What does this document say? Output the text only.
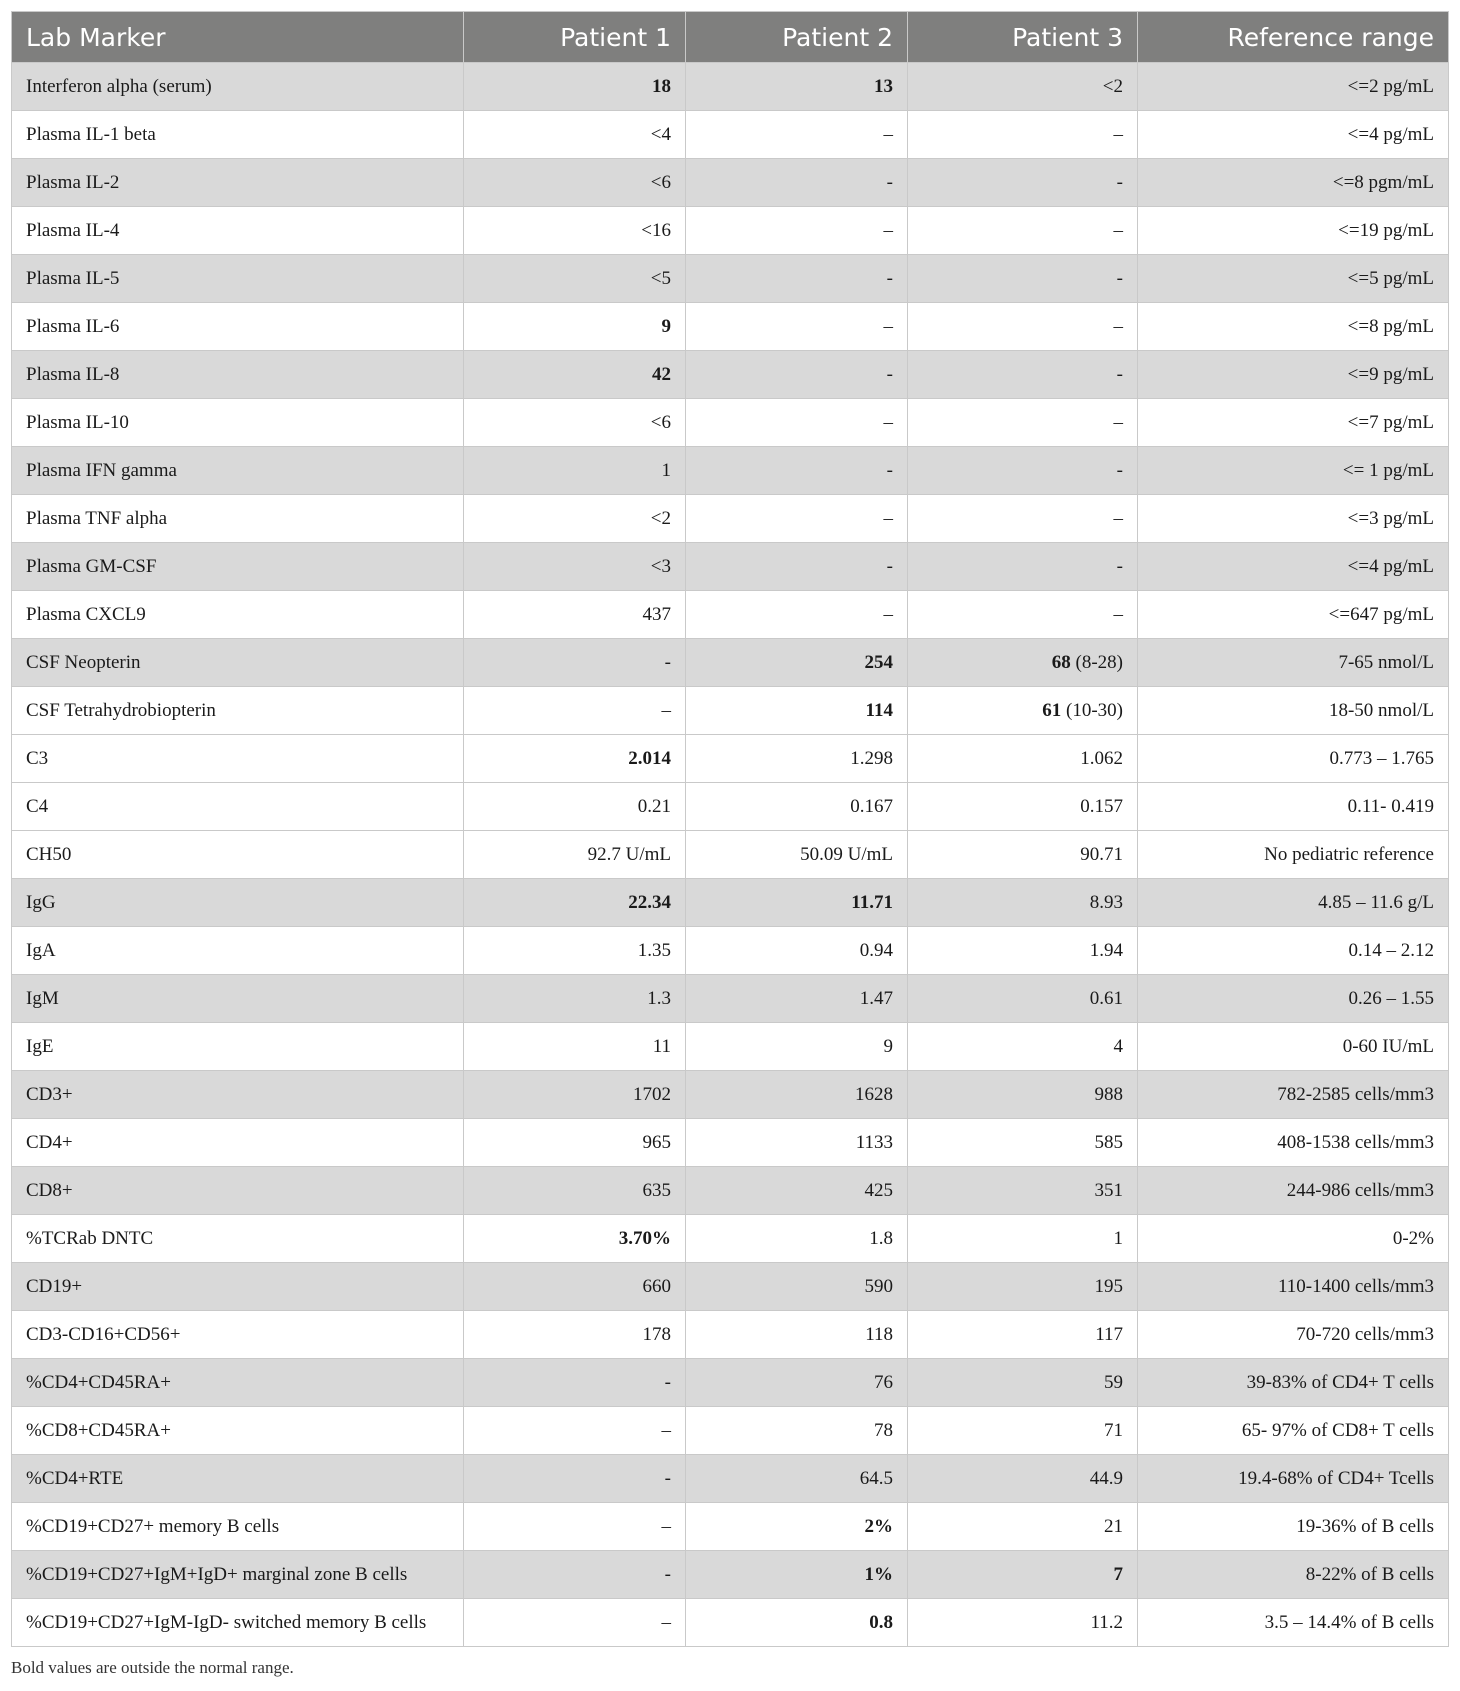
Lab Marker	Patient 1	Patient 2	Patient 3	Reference range
Interferon alpha (serum)	18	13	<2	<=2 pg/mL
Plasma IL-1 beta	<4	–	–	<=4 pg/mL
Plasma IL-2	<6	-	-	<=8 pgm/mL
Plasma IL-4	<16	–	–	<=19 pg/mL
Plasma IL-5	<5	-	-	<=5 pg/mL
Plasma IL-6	9	–	–	<=8 pg/mL
Plasma IL-8	42	-	-	<=9 pg/mL
Plasma IL-10	<6	–	–	<=7 pg/mL
Plasma IFN gamma	1	-	-	<= 1 pg/mL
Plasma TNF alpha	<2	–	–	<=3 pg/mL
Plasma GM-CSF	<3	-	-	<=4 pg/mL
Plasma CXCL9	437	–	–	<=647 pg/mL
CSF Neopterin	-	254	68 (8-28)	7-65 nmol/L
CSF Tetrahydrobiopterin	–	114	61 (10-30)	18-50 nmol/L
C3	2.014	1.298	1.062	0.773 – 1.765
C4	0.21	0.167	0.157	0.11- 0.419
CH50	92.7 U/mL	50.09 U/mL	90.71	No pediatric reference
IgG	22.34	11.71	8.93	4.85 – 11.6 g/L
IgA	1.35	0.94	1.94	0.14 – 2.12
IgM	1.3	1.47	0.61	0.26 – 1.55
IgE	11	9	4	0-60 IU/mL
CD3+	1702	1628	988	782-2585 cells/mm3
CD4+	965	1133	585	408-1538 cells/mm3
CD8+	635	425	351	244-986 cells/mm3
%TCRab DNTC	3.70%	1.8	1	0-2%
CD19+	660	590	195	110-1400 cells/mm3
CD3-CD16+CD56+	178	118	117	70-720 cells/mm3
%CD4+CD45RA+	-	76	59	39-83% of CD4+ T cells
%CD8+CD45RA+	–	78	71	65- 97% of CD8+ T cells
%CD4+RTE	-	64.5	44.9	19.4-68% of CD4+ Tcells
%CD19+CD27+ memory B cells	–	2%	21	19-36% of B cells
%CD19+CD27+IgM+IgD+ marginal zone B cells	-	1%	7	8-22% of B cells
%CD19+CD27+IgM-IgD- switched memory B cells	–	0.8	11.2	3.5 – 14.4% of B cells
Bold values are outside the normal range.
